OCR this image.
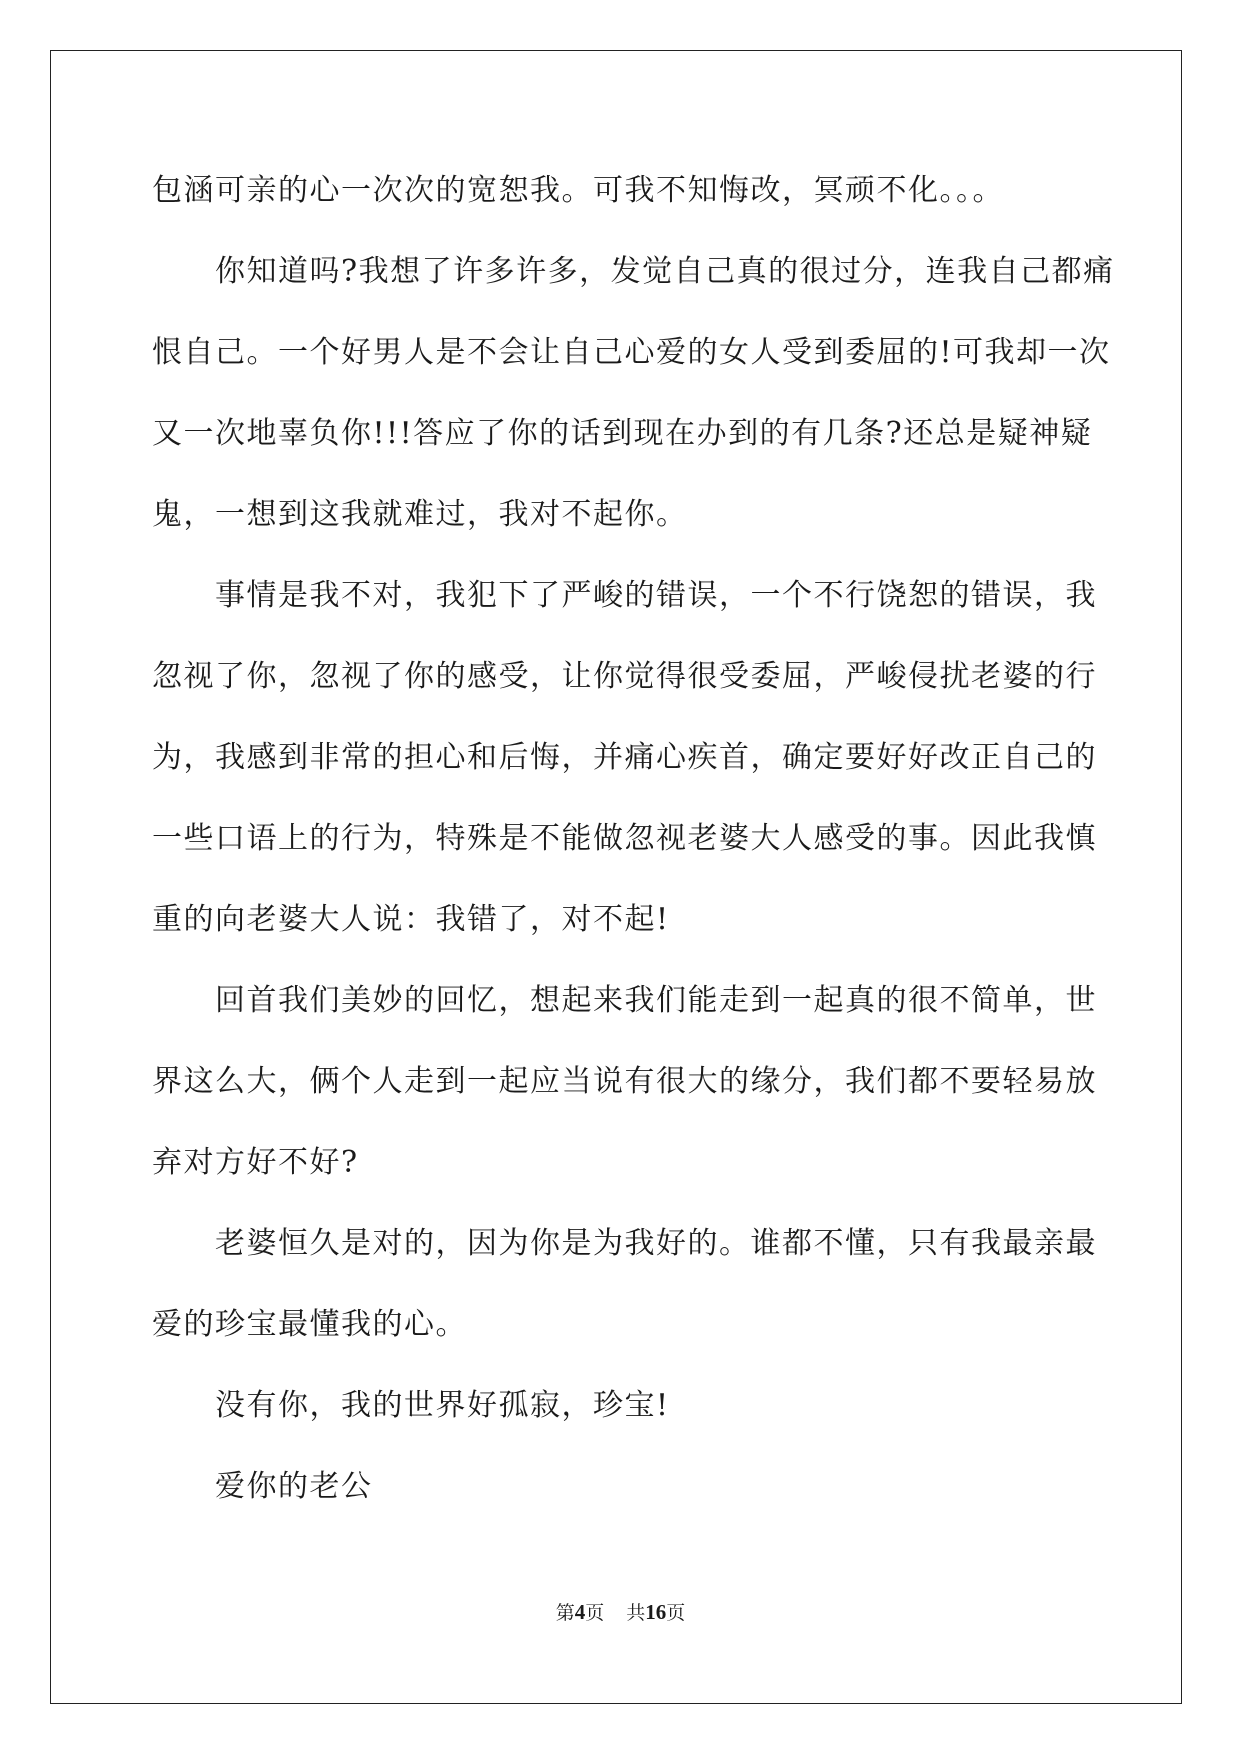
包涵可亲的心一次次的宽恕我。可我不知悔改，冥顽不化。。。
你知道吗?我想了许多许多，发觉自己真的很过分，连我自己都痛
恨自己。一个好男人是不会让自己心爱的女人受到委屈的!可我却一次
又一次地辜负你!!!答应了你的话到现在办到的有几条?还总是疑神疑
鬼，一想到这我就难过，我对不起你。
事情是我不对，我犯下了严峻的错误，一个不行饶恕的错误，我
忽视了你，忽视了你的感受，让你觉得很受委屈，严峻侵扰老婆的行
为，我感到非常的担心和后悔，并痛心疾首，确定要好好改正自己的
一些口语上的行为，特殊是不能做忽视老婆大人感受的事。因此我慎
重的向老婆大人说：我错了，对不起!
回首我们美妙的回忆，想起来我们能走到一起真的很不简单，世
界这么大，俩个人走到一起应当说有很大的缘分，我们都不要轻易放
弃对方好不好?
老婆恒久是对的，因为你是为我好的。谁都不懂，只有我最亲最
爱的珍宝最懂我的心。
没有你，我的世界好孤寂，珍宝!
爱你的老公
第4页 共16页
